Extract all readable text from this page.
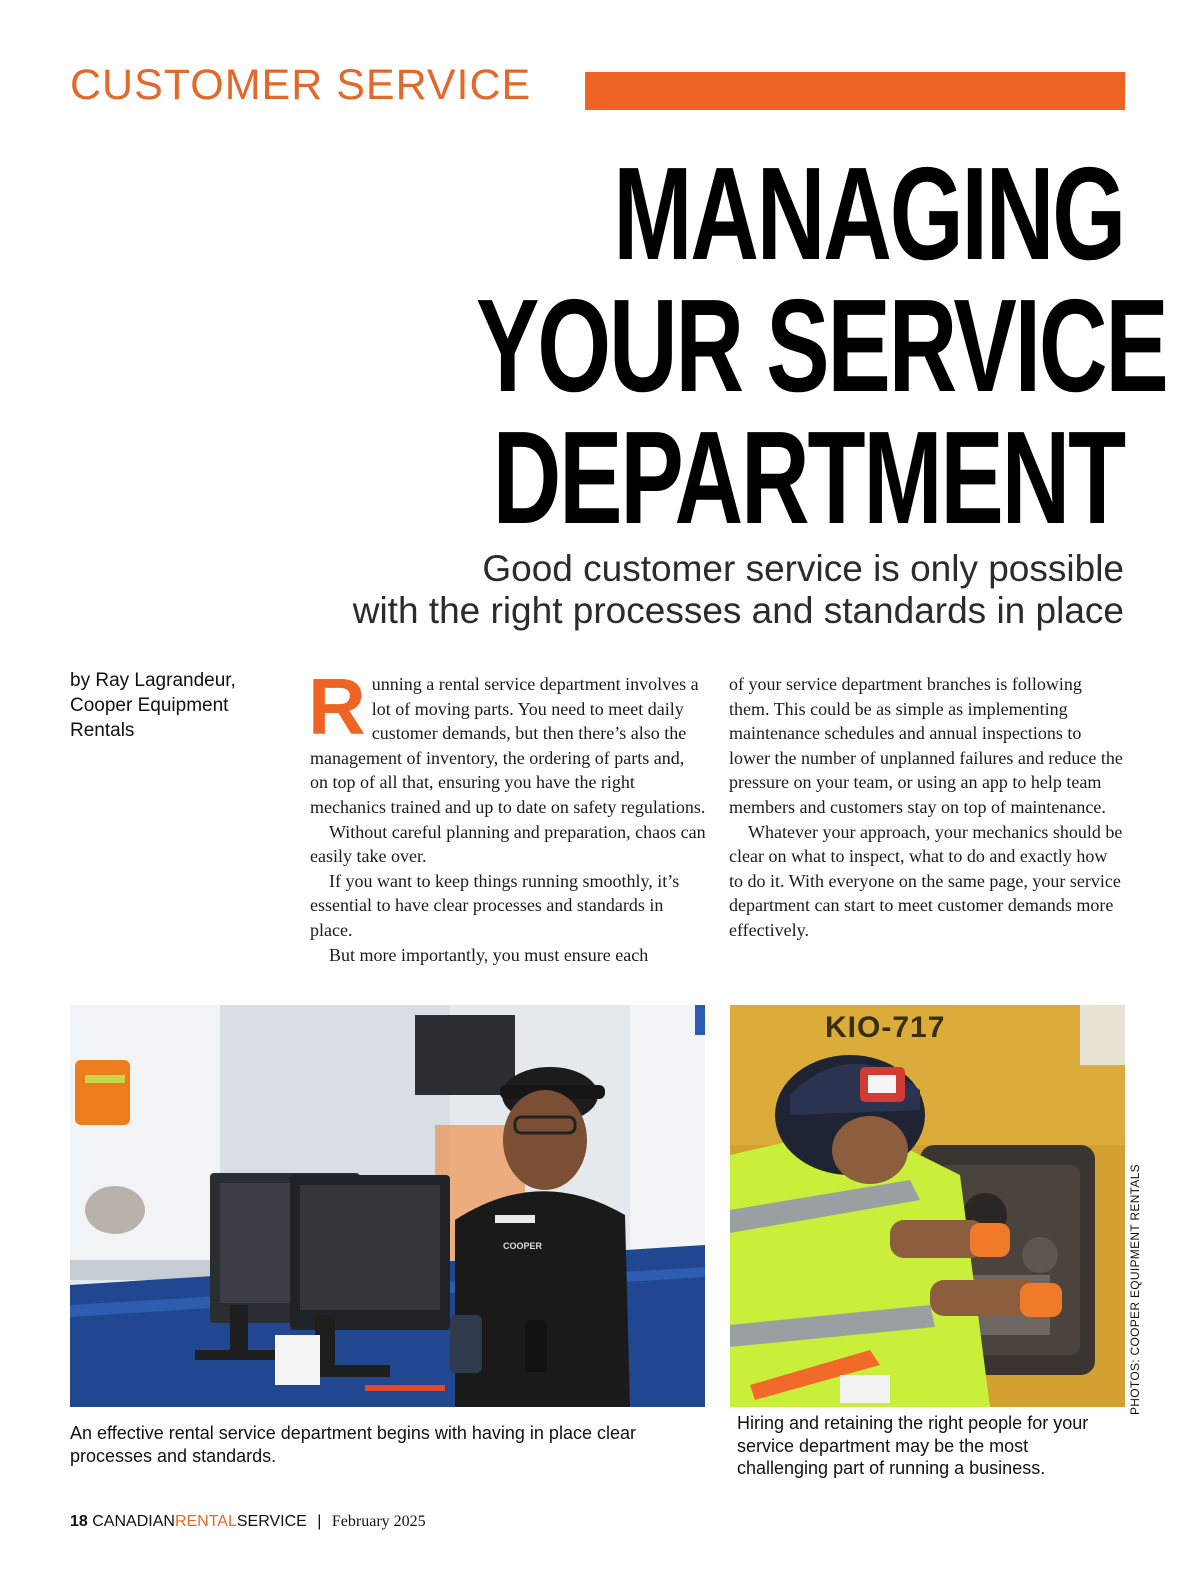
CUSTOMER SERVICE
MANAGING
YOUR SERVICE
DEPARTMENT
Good customer service is only possible
with the right processes and standards in place
by Ray Lagrandeur,
Cooper Equipment
Rentals	Running a rental service department involves a lot of moving parts. You need to meet daily customer demands, but then there’s also the management of inventory, the ordering of parts and, on top of all that, ensuring you have the right mechanics trained and up to date on safety regulations.

Without careful planning and preparation, chaos can easily take over.

If you want to keep things running smoothly, it’s essential to have clear processes and standards in place.

But more importantly, you must ensure each

of your service department branches is following them. This could be as simple as implementing maintenance schedules and annual inspections to lower the number of unplanned failures and reduce the pressure on your team, or using an app to help team members and customers stay on top of maintenance.

Whatever your approach, your mechanics should be clear on what to inspect, what to do and exactly how to do it. With everyone on the same page, your service department can start to meet customer demands more effectively.

COOPER
KIO-717
An effective rental service department begins with having in place clear processes and standards.
Hiring and retaining the right people for your service department may be the most challenging part of running a business.
PHOTOS: COOPER EQUIPMENT RENTALS
18 CANADIANRENTALSERVICE | February 2025
